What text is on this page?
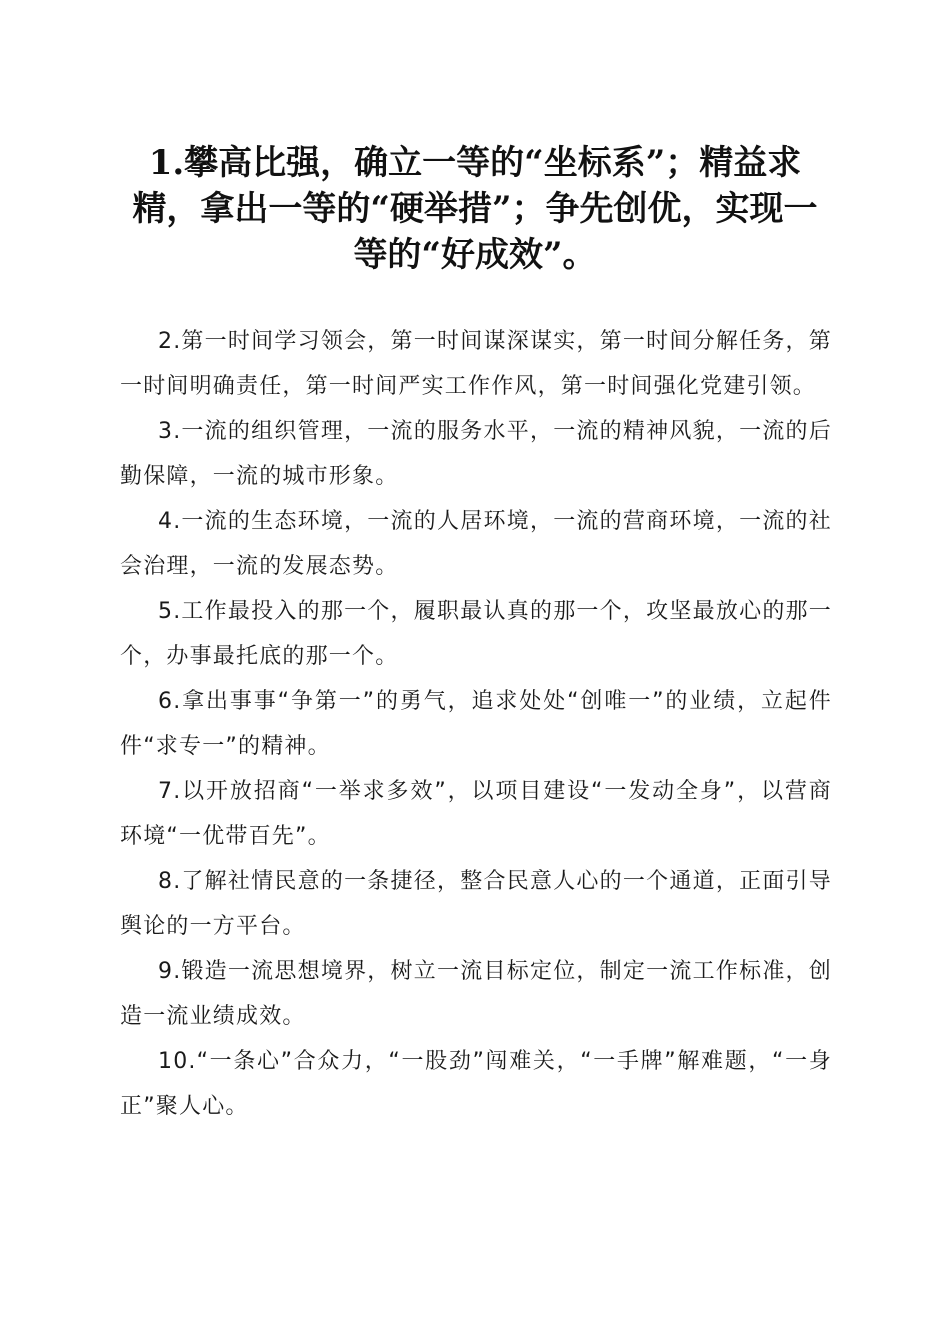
1.攀高比强，确立一等的“坐标系”；精益求精，拿出一等的“硬举措”；争先创优，实现一等的“好成效”。

2.第一时间学习领会，第一时间谋深谋实，第一时间分解任务，第一时间明确责任，第一时间严实工作作风，第一时间强化党建引领。

3.一流的组织管理，一流的服务水平，一流的精神风貌，一流的后勤保障，一流的城市形象。

4.一流的生态环境，一流的人居环境，一流的营商环境，一流的社会治理，一流的发展态势。

5.工作最投入的那一个，履职最认真的那一个，攻坚最放心的那一个，办事最托底的那一个。

6.拿出事事“争第一”的勇气，追求处处“创唯一”的业绩，立起件件“求专一”的精神。

7.以开放招商“一举求多效”，以项目建设“一发动全身”，以营商环境“一优带百先”。

8.了解社情民意的一条捷径，整合民意人心的一个通道，正面引导舆论的一方平台。

9.锻造一流思想境界，树立一流目标定位，制定一流工作标准，创造一流业绩成效。

10.“一条心”合众力，“一股劲”闯难关，“一手牌”解难题，“一身正”聚人心。
